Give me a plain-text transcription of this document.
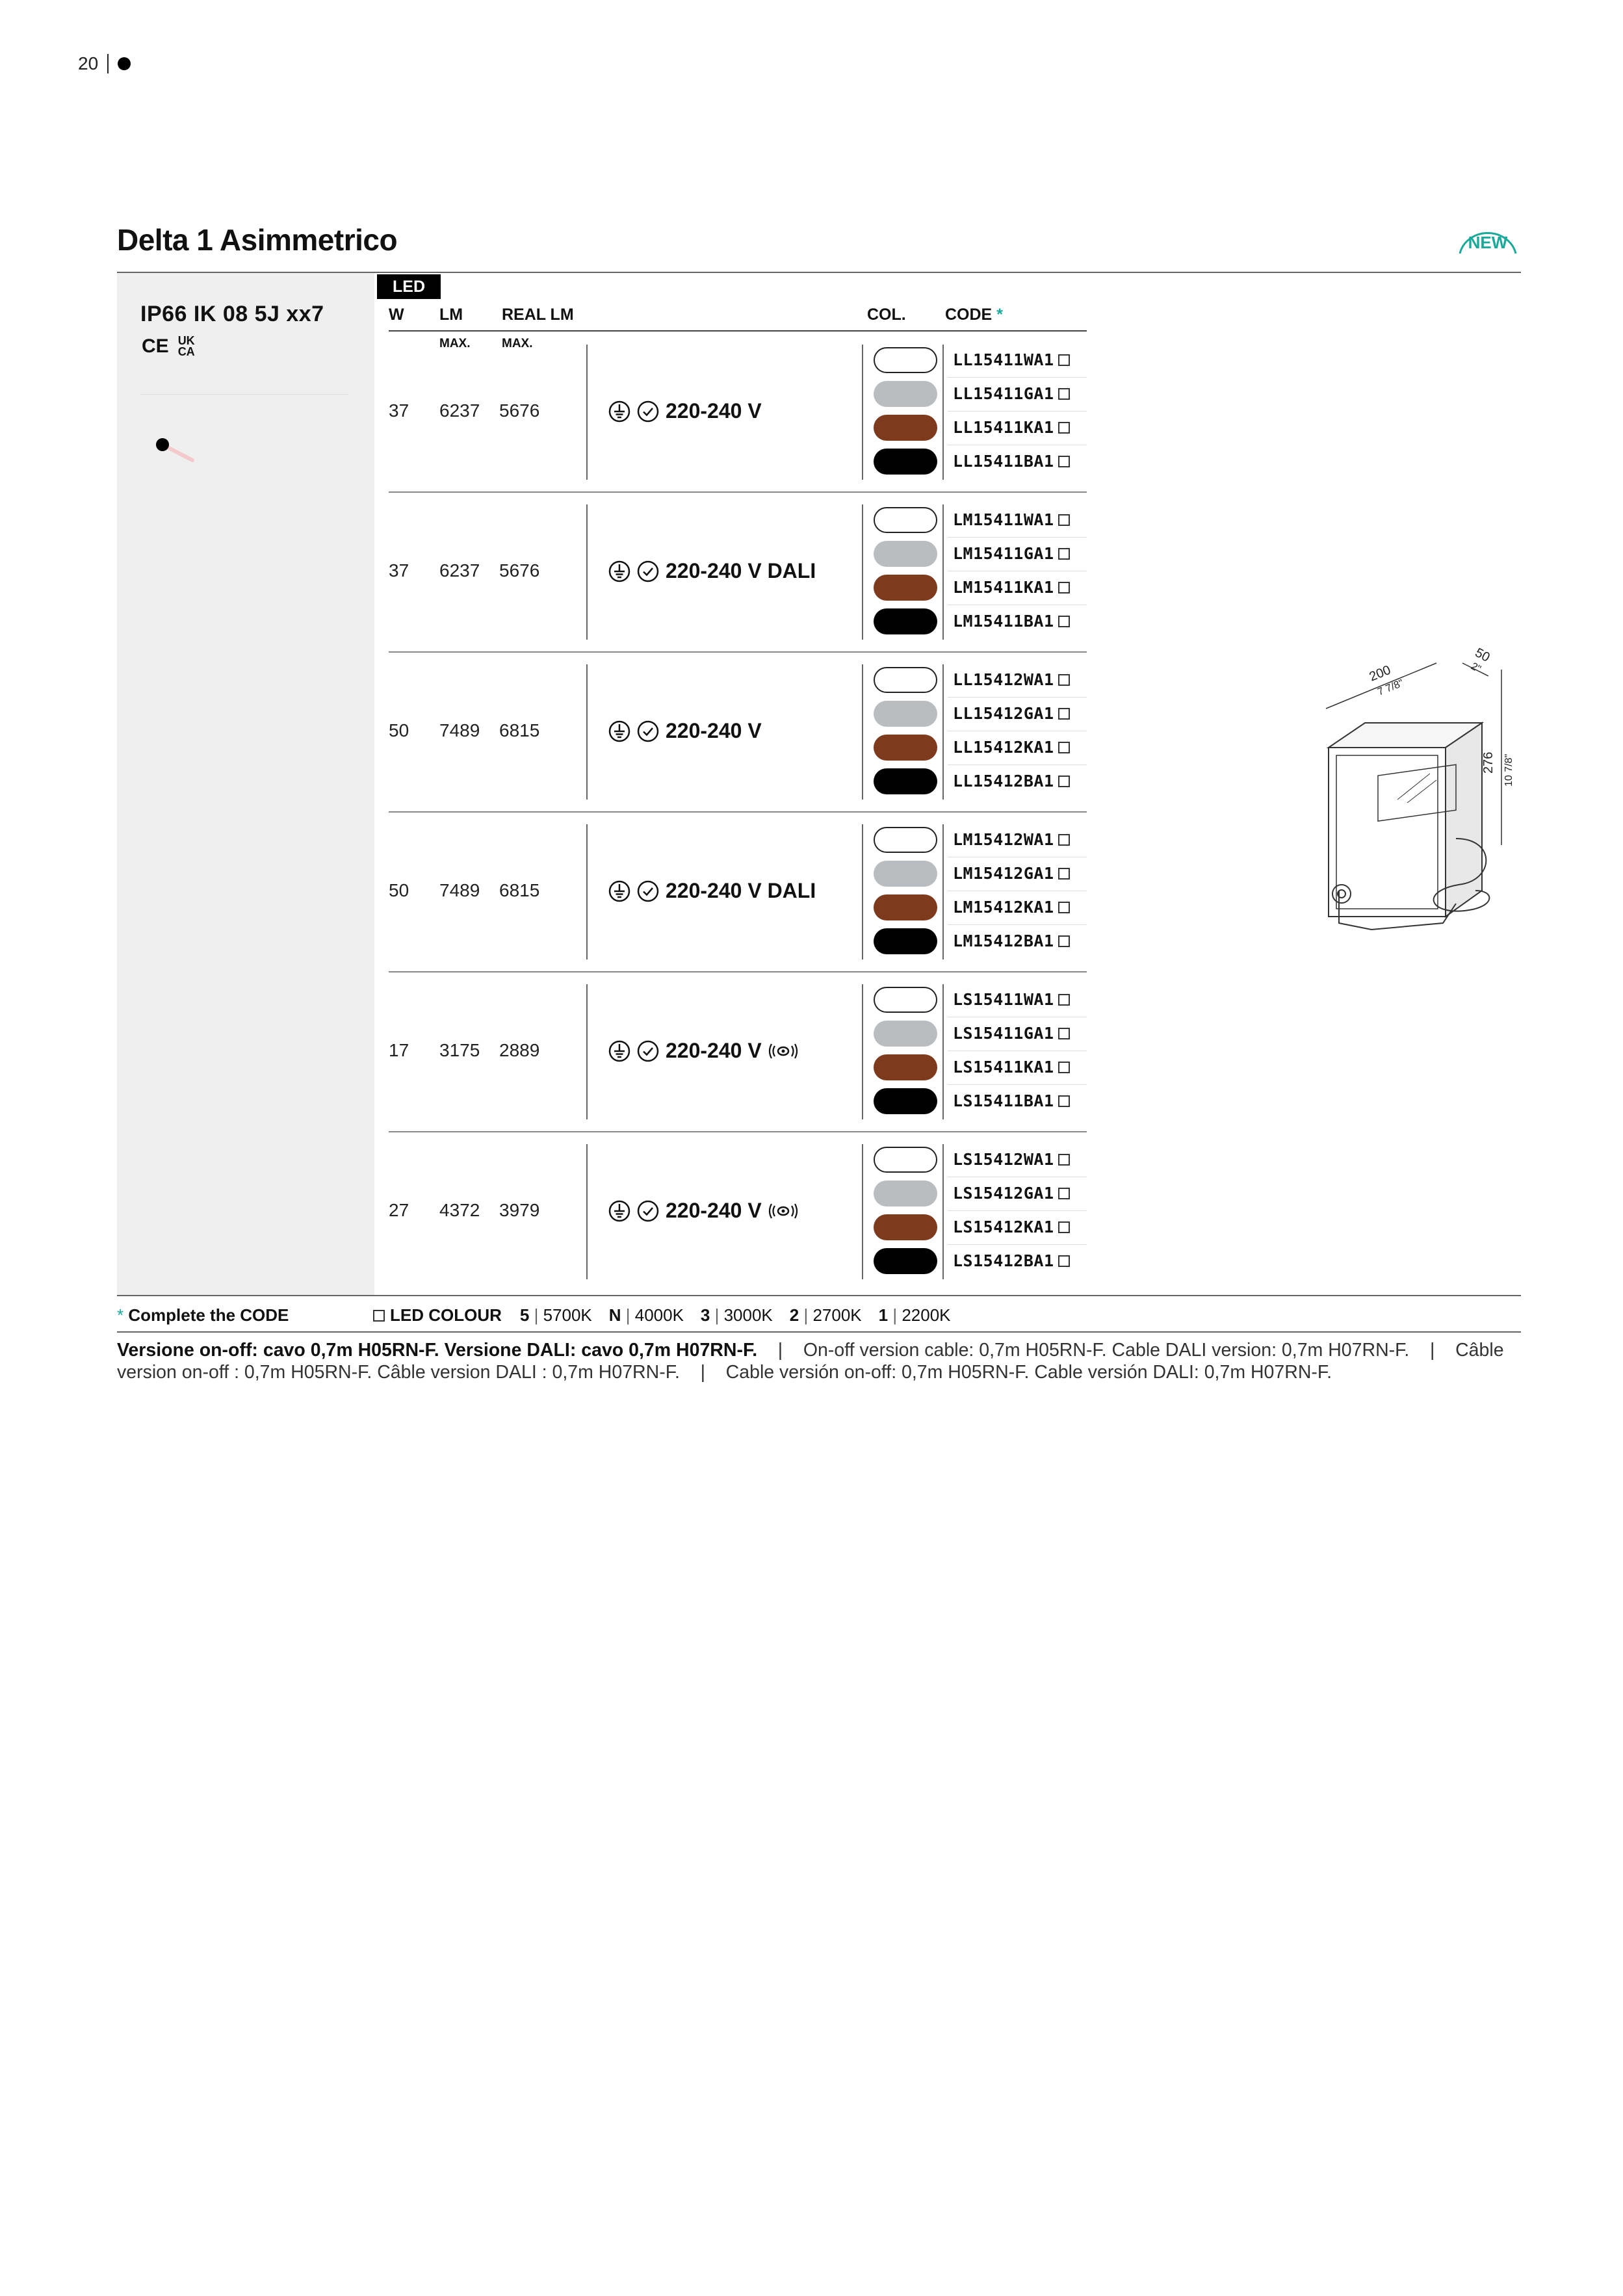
20
Delta 1 Asimmetrico	NEW
IP66 IK 08 5J xx7
CE UK CA
LED
W LM REAL LM	COL. CODE *
MAX.	MAX.
37 6237 5676	220-240 V
LL15411WA1
LL15411GA1
LL15411KA1
LL15411BA1
37 6237 5676	220-240 V DALI
LM15411WA1
LM15411GA1
LM15411KA1
LM15411BA1
50 7489 6815	220-240 V
LL15412WA1
LL15412GA1
LL15412KA1
LL15412BA1
50 7489 6815	220-240 V DALI
LM15412WA1
LM15412GA1
LM15412KA1
LM15412BA1
17 3175 2889	220-240 V
LS15411WA1
LS15411GA1
LS15411KA1
LS15411BA1
27 4372 3979	220-240 V
LS15412WA1
LS15412GA1
LS15412KA1
LS15412BA1
200
7 7/8"
50
2"
276 10 7/8"
* Complete the CODE	LED COLOUR 5 | 5700K N | 4000K 3 | 3000K 2 | 2700K 1 | 2200K
Versione on-off: cavo 0,7m H05RN-F. Versione DALI: cavo 0,7m H07RN-F.    |    On-off version cable: 0,7m H05RN-F. Cable DALI version: 0,7m H07RN-F.    |    Câble version on-off : 0,7m H05RN-F. Câble version DALI : 0,7m H07RN-F.    |    Cable versión on-off: 0,7m H05RN-F. Cable versión DALI: 0,7m H07RN-F.
